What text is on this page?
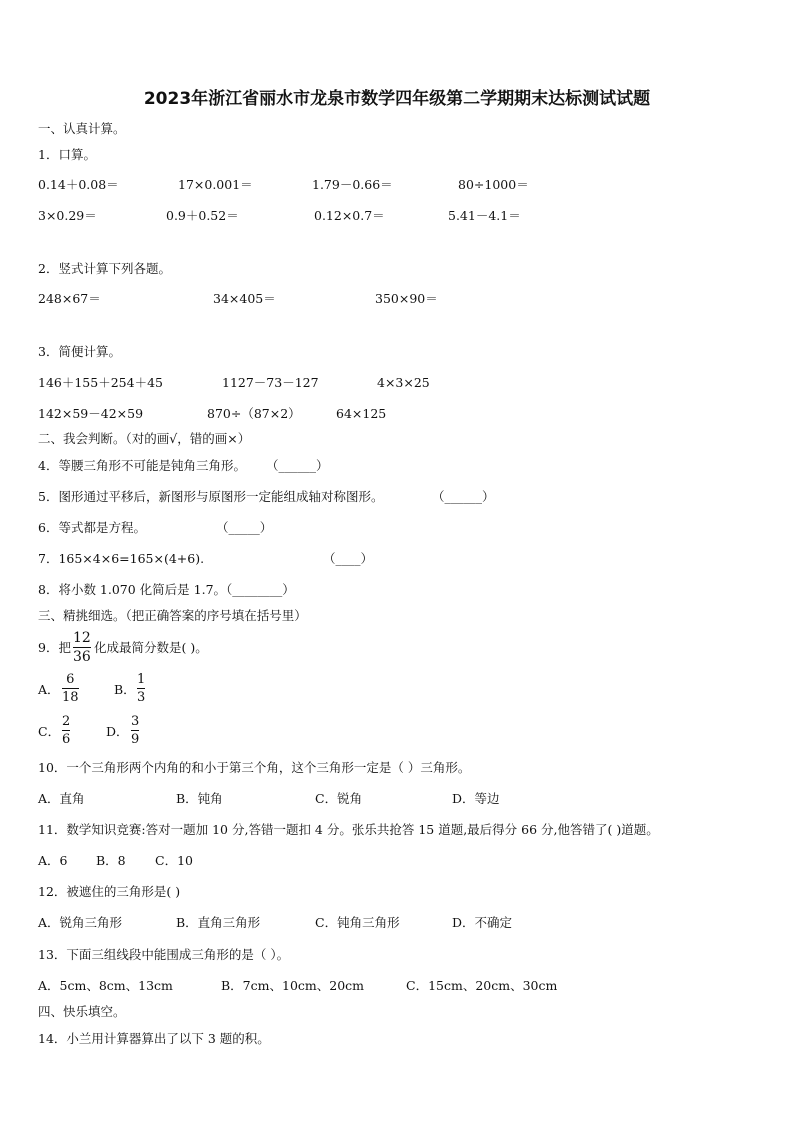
2023年浙江省丽水市龙泉市数学四年级第二学期期末达标测试试题
一、认真计算。
1．口算。
0.14＋0.08＝	17×0.001＝	1.79－0.66＝	80÷1000＝
3×0.29＝	0.9＋0.52＝	0.12×0.7＝	5.41－4.1＝
2．竖式计算下列各题。
248×67＝	34×405＝	350×90＝
3．简便计算。
146＋155＋254＋45	1127－73－127	4×3×25
142×59－42×59	870÷（87×2）	64×125
二、我会判断。（对的画√，错的画×）
4．等腰三角形不可能是钝角三角形。 （______）
5．图形通过平移后，新图形与原图形一定能组成轴对称图形。	（______）
6．等式都是方程。	（_____）
7．165×4×6=165×(4+6).	（____）
8．将小数 1.070 化简后是 1.7。（________）
三、精挑细选。（把正确答案的序号填在括号里）
9．把
12
36
化成最简分数是( )。
A．
6
18
B．
1
3
C．
2
6
D．
3
9
10．一个三角形两个内角的和小于第三个角，这个三角形一定是（ ）三角形。
A．直角	B．钝角	C．锐角	D．等边
11．数学知识竞赛:答对一题加 10 分,答错一题扣 4 分。张乐共抢答 15 道题,最后得分 66 分,他答错了( )道题。
A．6 B．8 C．10
12．被遮住的三角形是( )
A．锐角三角形	B．直角三角形	C．钝角三角形	D．不确定
13．下面三组线段中能围成三角形的是（ ）。
A．5cm、8cm、13cm	B．7cm、10cm、20cm	C．15cm、20cm、30cm
四、快乐填空。
14．小兰用计算器算出了以下 3 题的积。
